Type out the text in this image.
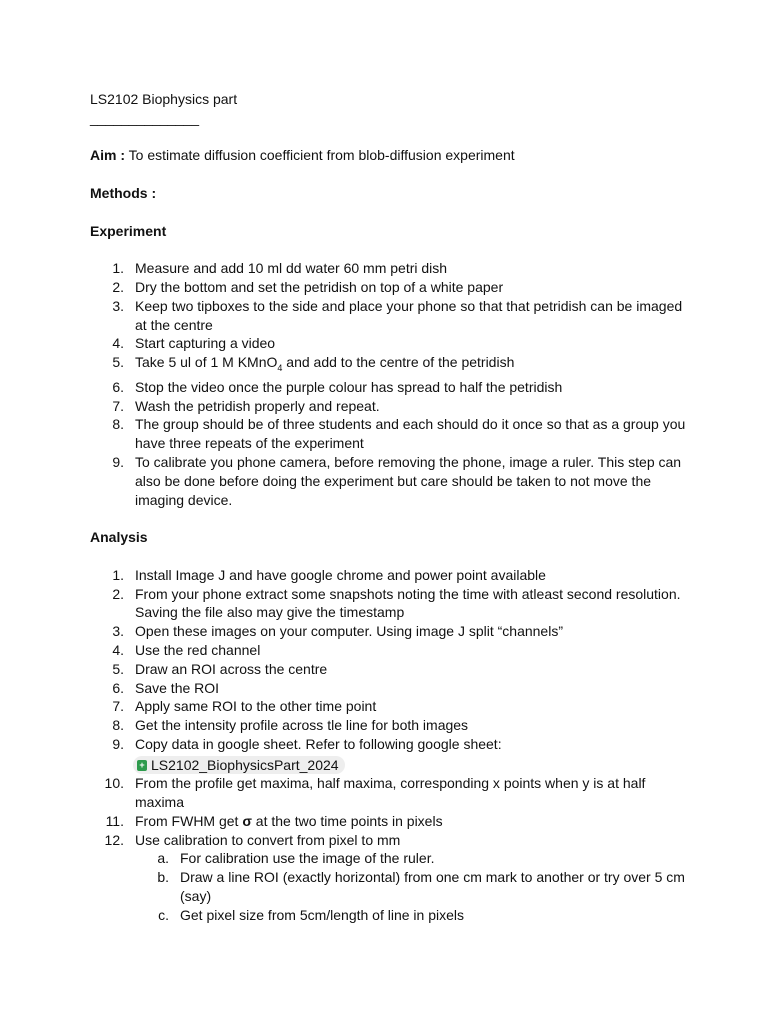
LS2102 Biophysics part
______________
Aim : To estimate diffusion coefficient from blob-diffusion experiment
Methods :
Experiment
1. Measure and add 10 ml dd water 60 mm petri dish
2. Dry the bottom and set the petridish on top of a white paper
3. Keep two tipboxes to the side and place your phone so that that petridish can be imaged at the centre
4. Start capturing a video
5. Take 5 ul of 1 M KMnO$_4$ and add to the centre of the petridish
6. Stop the video once the purple colour has spread to half the petridish
7. Wash the petridish properly and repeat.
8. The group should be of three students and each should do it once so that as a group you have three repeats of the experiment
9. To calibrate you phone camera, before removing the phone, image a ruler. This step can also be done before doing the experiment but care should be taken to not move the imaging device.
Analysis
1. Install Image J and have google chrome and power point available
2. From your phone extract some snapshots noting the time with atleast second resolution. Saving the file also may give the timestamp
3. Open these images on your computer. Using image J split “channels”
4. Use the red channel
5. Draw an ROI across the centre
6. Save the ROI
7. Apply same ROI to the other time point
8. Get the intensity profile across tle line for both images
9. Copy data in google sheet. Refer to following google sheet:

+ LS2102_BiophysicsPart_2024
10. From the profile get maxima, half maxima, corresponding x points when y is at half maxima
11. From FWHM get σ at the two time points in pixels
12. Use calibration to convert from pixel to mm
a. For calibration use the image of the ruler.
b. Draw a line ROI (exactly horizontal) from one cm mark to another or try over 5 cm (say)
c. Get pixel size from 5cm/length of line in pixels
